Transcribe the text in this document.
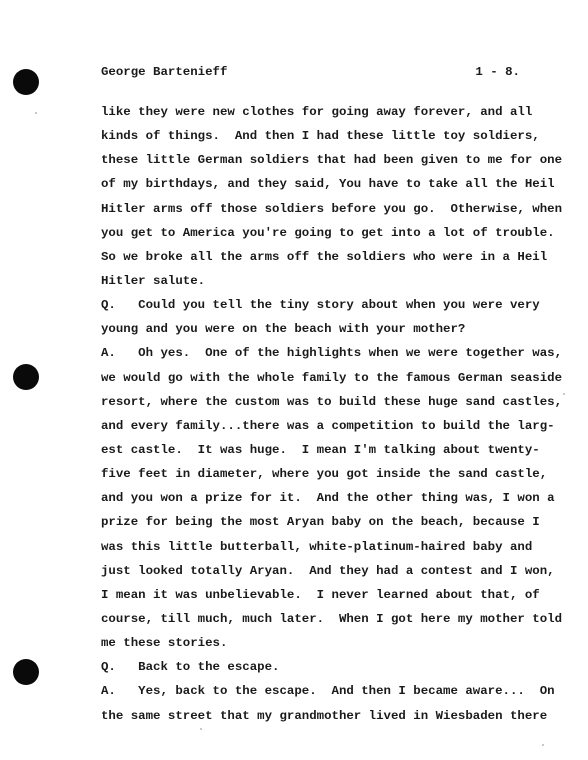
George Bartenieff	1 - 8.
like they were new clothes for going away forever, and all
kinds of things.  And then I had these little toy soldiers,
these little German soldiers that had been given to me for one
of my birthdays, and they said, You have to take all the Heil
Hitler arms off those soldiers before you go.  Otherwise, when
you get to America you're going to get into a lot of trouble.
So we broke all the arms off the soldiers who were in a Heil
Hitler salute.
Q.   Could you tell the tiny story about when you were very
young and you were on the beach with your mother?
A.   Oh yes.  One of the highlights when we were together was,
we would go with the whole family to the famous German seaside
resort, where the custom was to build these huge sand castles,
and every family...there was a competition to build the larg-
est castle.  It was huge.  I mean I'm talking about twenty-
five feet in diameter, where you got inside the sand castle,
and you won a prize for it.  And the other thing was, I won a
prize for being the most Aryan baby on the beach, because I
was this little butterball, white-platinum-haired baby and
just looked totally Aryan.  And they had a contest and I won,
I mean it was unbelievable.  I never learned about that, of
course, till much, much later.  When I got here my mother told
me these stories.
Q.   Back to the escape.
A.   Yes, back to the escape.  And then I became aware...  On
the same street that my grandmother lived in Wiesbaden there
